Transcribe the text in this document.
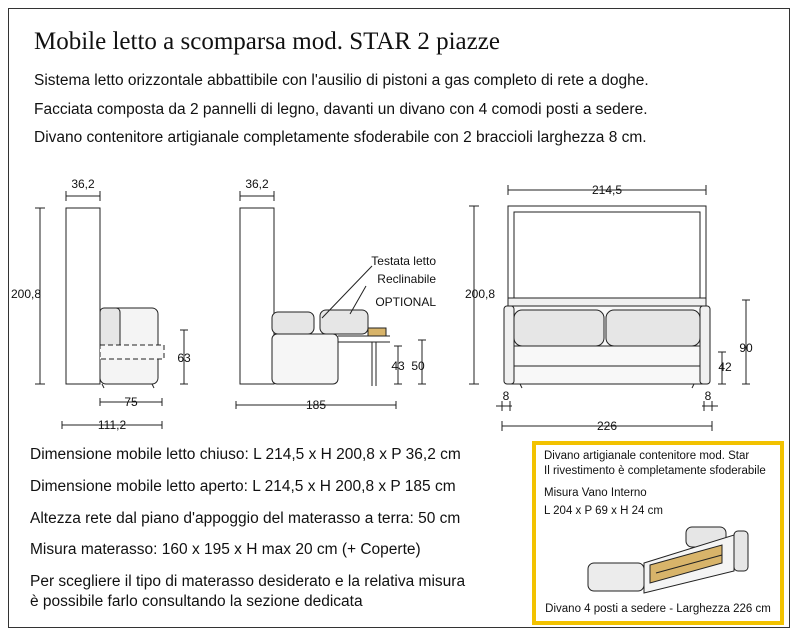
Mobile letto a scomparsa mod. STAR 2 piazze
Sistema letto orizzontale abbattibile con l'ausilio di pistoni a gas completo di rete a doghe.
Facciata composta da 2 pannelli di legno, davanti un divano con 4 comodi posti a sedere.
Divano contenitore artigianale completamente sfoderabile con 2 braccioli larghezza 8 cm.
36,2
200,8
63
75
111,2
36,2
Testata letto
Reclinabile
OPTIONAL
43 50
185
214,5
200,8
42
90
8	8
226
Dimensione mobile letto chiuso: L 214,5 x H 200,8 x P 36,2 cm
Dimensione mobile letto aperto: L 214,5 x H 200,8 x P 185 cm
Altezza rete dal piano d'appoggio del materasso a terra: 50 cm
Misura materasso: 160 x 195 x H max 20 cm (+ Coperte)
Per scegliere il tipo di materasso desiderato e la relativa misura
è possibile farlo consultando la sezione dedicata
Divano artigianale contenitore mod. Star
Il rivestimento è completamente sfoderabile
Misura Vano Interno
L 204 x P 69 x H 24 cm
Divano 4 posti a sedere - Larghezza 226 cm
